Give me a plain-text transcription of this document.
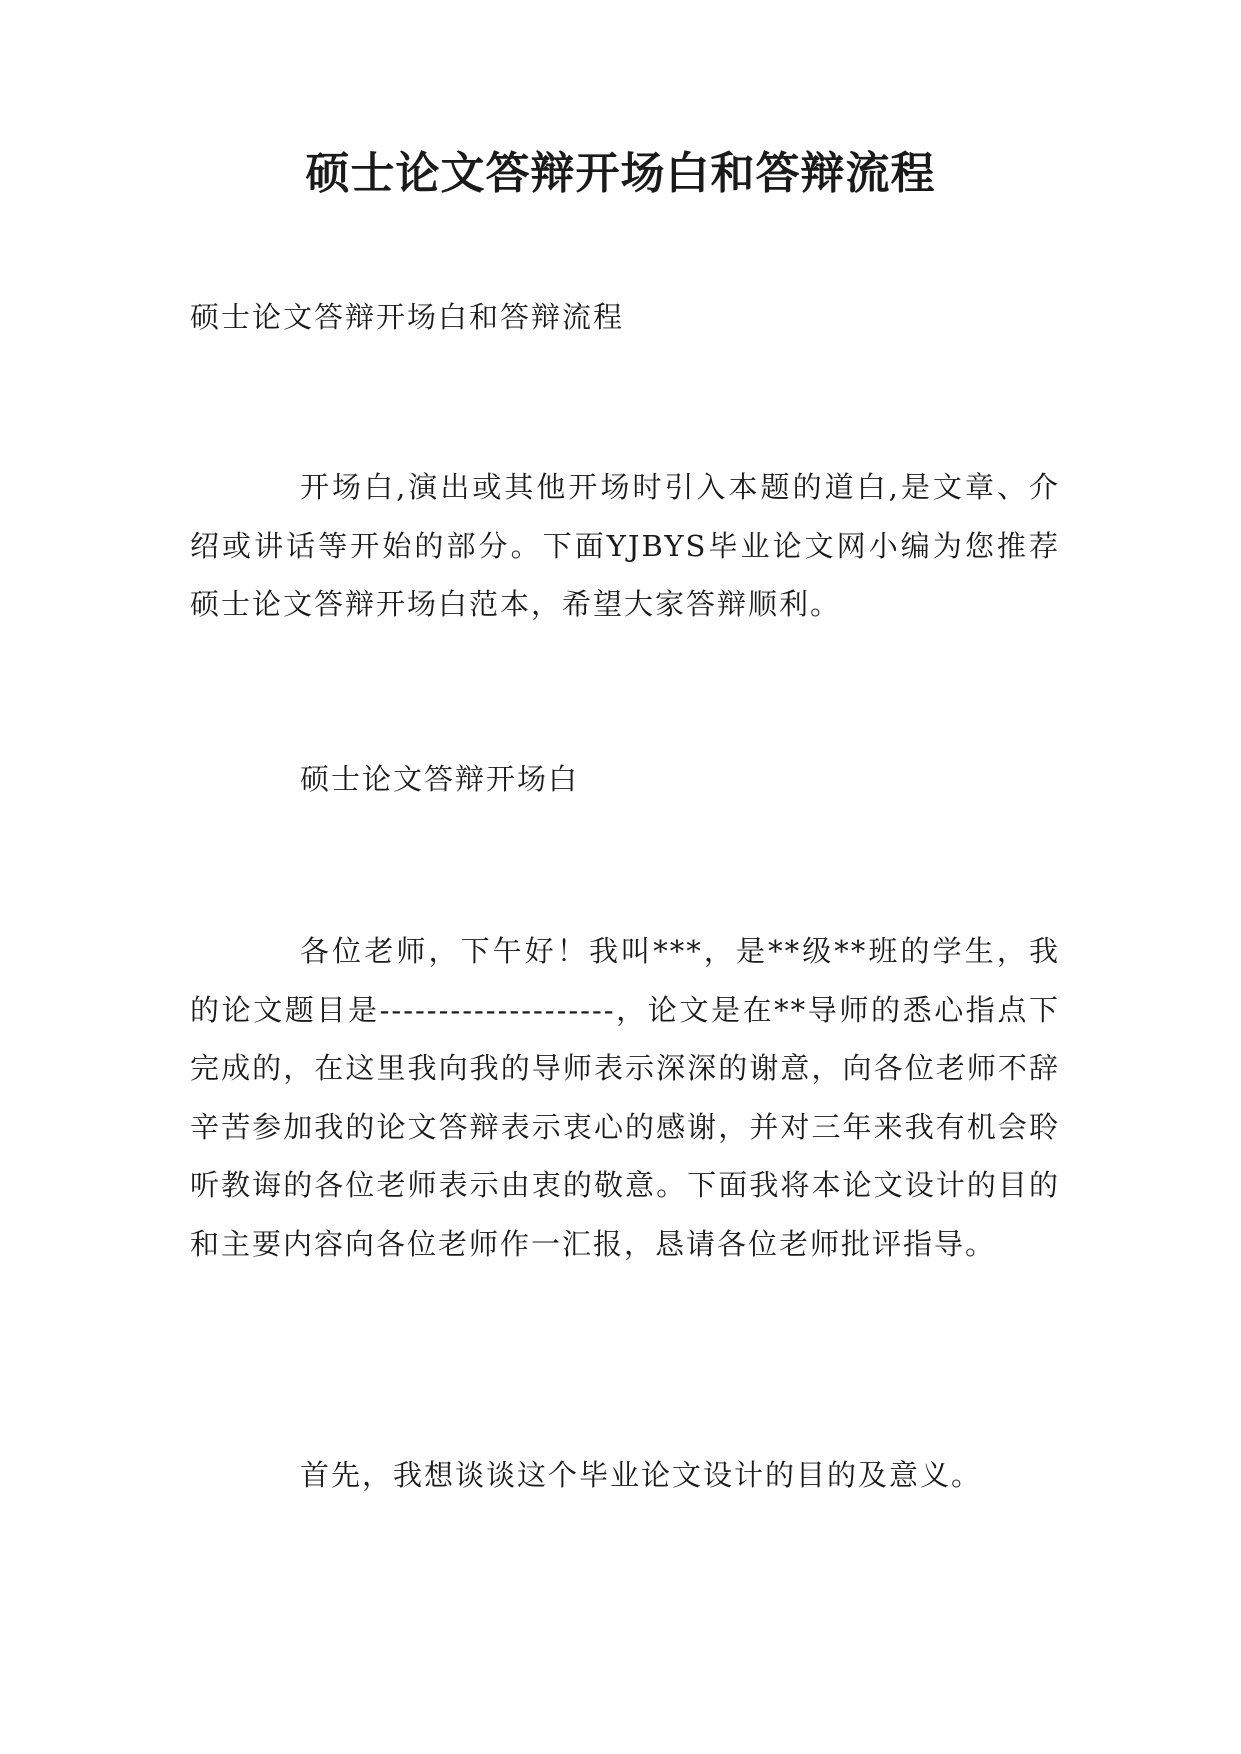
硕士论文答辩开场白和答辩流程

硕士论文答辩开场白和答辩流程

开场白,演出或其他开场时引入本题的道白,是文章、介绍或讲话等开始的部分。下面YJBYS毕业论文网小编为您推荐硕士论文答辩开场白范本，希望大家答辩顺利。

硕士论文答辩开场白

各位老师，下午好！我叫***，是**级**班的学生，我的论文题目是--------------------，论文是在**导师的悉心指点下完成的，在这里我向我的导师表示深深的谢意，向各位老师不辞辛苦参加我的论文答辩表示衷心的感谢，并对三年来我有机会聆听教诲的各位老师表示由衷的敬意。下面我将本论文设计的目的和主要内容向各位老师作一汇报，恳请各位老师批评指导。

首先，我想谈谈这个毕业论文设计的目的及意义。
